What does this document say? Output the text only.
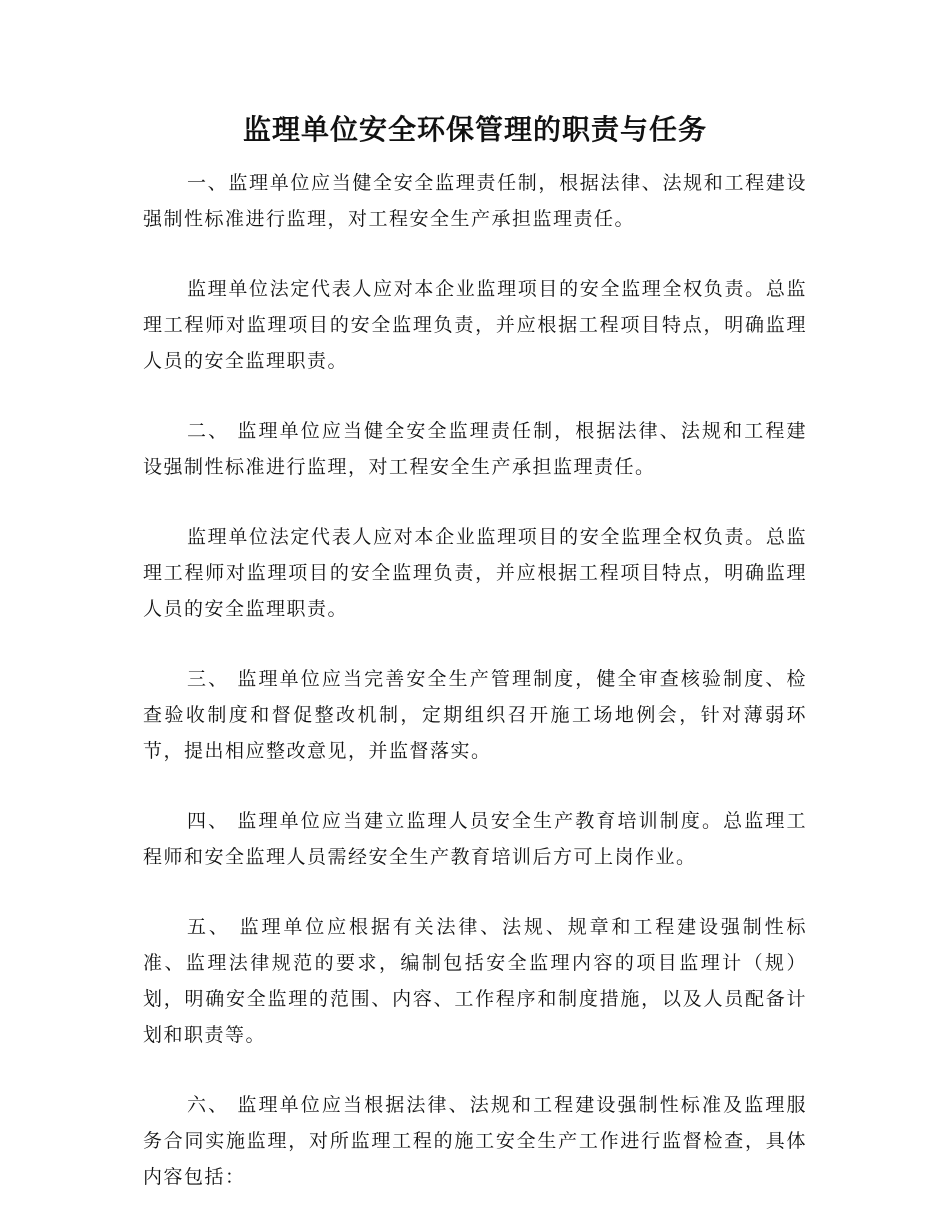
监理单位安全环保管理的职责与任务

一、监理单位应当健全安全监理责任制，根据法律、法规和工程建设强制性标准进行监理，对工程安全生产承担监理责任。

监理单位法定代表人应对本企业监理项目的安全监理全权负责。总监理工程师对监理项目的安全监理负责，并应根据工程项目特点，明确监理人员的安全监理职责。

二、 监理单位应当健全安全监理责任制，根据法律、法规和工程建设强制性标准进行监理，对工程安全生产承担监理责任。

监理单位法定代表人应对本企业监理项目的安全监理全权负责。总监理工程师对监理项目的安全监理负责，并应根据工程项目特点，明确监理人员的安全监理职责。

三、 监理单位应当完善安全生产管理制度，健全审查核验制度、检查验收制度和督促整改机制，定期组织召开施工场地例会，针对薄弱环节，提出相应整改意见，并监督落实。

四、 监理单位应当建立监理人员安全生产教育培训制度。总监理工程师和安全监理人员需经安全生产教育培训后方可上岗作业。

五、 监理单位应根据有关法律、法规、规章和工程建设强制性标准、监理法律规范的要求，编制包括安全监理内容的项目监理计（规）划，明确安全监理的范围、内容、工作程序和制度措施，以及人员配备计划和职责等。

六、 监理单位应当根据法律、法规和工程建设强制性标准及监理服务合同实施监理，对所监理工程的施工安全生产工作进行监督检查，具体内容包括：
